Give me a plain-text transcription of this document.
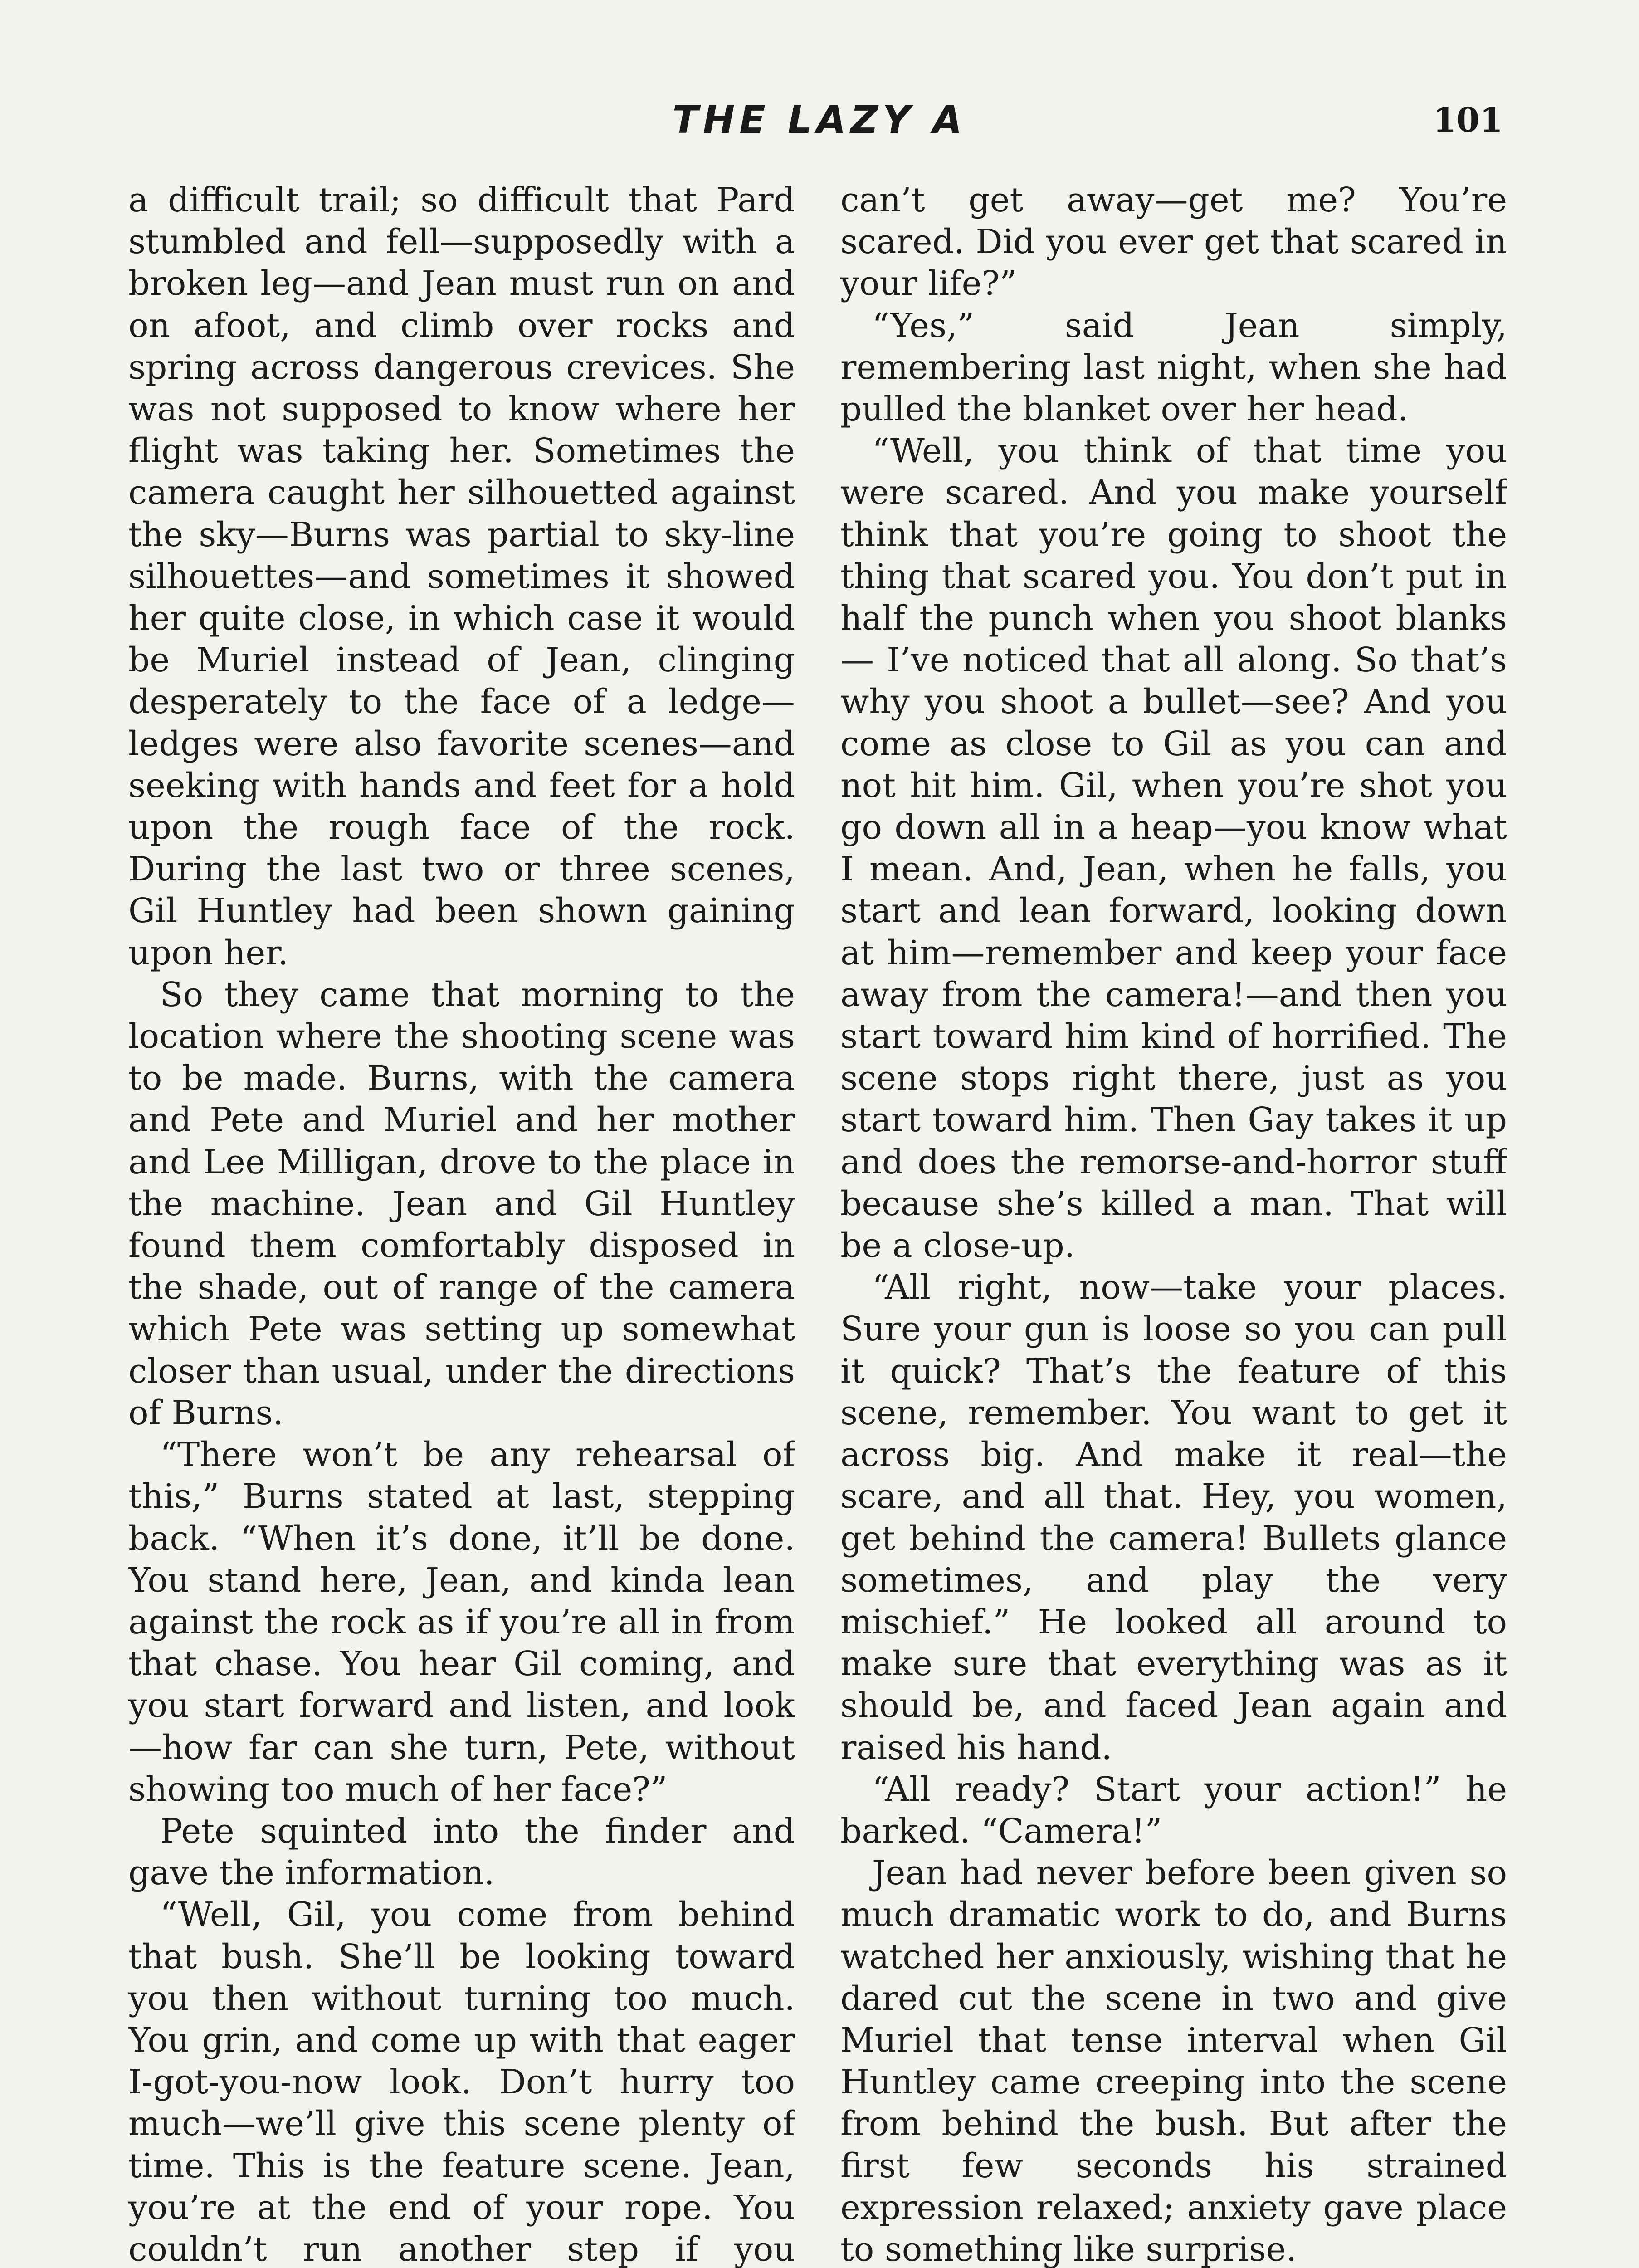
THE LAZY A	101

a difficult trail; so difficult that Pard stumbled and fell—supposedly with a broken leg—and Jean must run on and on afoot, and climb over rocks and spring across dangerous crevices. She was not supposed to know where her flight was taking her. Sometimes the camera caught her silhouetted against the sky—Burns was partial to sky-line silhouettes—and sometimes it showed her quite close, in which case it would be Muriel instead of Jean, clinging desperately to the face of a ledge—ledges were also favorite scenes—and seeking with hands and feet for a hold upon the rough face of the rock. During the last two or three scenes, Gil Huntley had been shown gaining upon her.

So they came that morning to the location where the shooting scene was to be made. Burns, with the camera and Pete and Muriel and her mother and Lee Milligan, drove to the place in the machine. Jean and Gil Huntley found them comfortably disposed in the shade, out of range of the camera which Pete was setting up somewhat closer than usual, under the directions of Burns.

“There won’t be any rehearsal of this,” Burns stated at last, stepping back. “When it’s done, it’ll be done. You stand here, Jean, and kinda lean against the rock as if you’re all in from that chase. You hear Gil coming, and you start forward and listen, and look —how far can she turn, Pete, without showing too much of her face?”

Pete squinted into the finder and gave the information.

“Well, Gil, you come from behind that bush. She’ll be looking toward you then without turning too much. You grin, and come up with that eager I-got-you-now look. Don’t hurry too much—we’ll give this scene plenty of time. This is the feature scene. Jean, you’re at the end of your rope. You couldn’t run another step if you

can’t get away—get me? You’re scared. Did you ever get that scared in your life?”

“Yes,” said Jean simply, remembering last night, when she had pulled the blanket over her head.

“Well, you think of that time you were scared. And you make yourself think that you’re going to shoot the thing that scared you. You don’t put in half the punch when you shoot blanks— I’ve noticed that all along. So that’s why you shoot a bullet—see? And you come as close to Gil as you can and not hit him. Gil, when you’re shot you go down all in a heap—you know what I mean. And, Jean, when he falls, you start and lean forward, looking down at him—remember and keep your face away from the camera!—and then you start toward him kind of horrified. The scene stops right there, just as you start toward him. Then Gay takes it up and does the remorse-and-horror stuff because she’s killed a man. That will be a close-up.

“All right, now—take your places. Sure your gun is loose so you can pull it quick? That’s the feature of this scene, remember. You want to get it across big. And make it real—the scare, and all that. Hey, you women, get behind the camera! Bullets glance sometimes, and play the very mischief.” He looked all around to make sure that everything was as it should be, and faced Jean again and raised his hand.

“All ready? Start your action!” he barked. “Camera!”

Jean had never before been given so much dramatic work to do, and Burns watched her anxiously, wishing that he dared cut the scene in two and give Muriel that tense interval when Gil Huntley came creeping into the scene from behind the bush. But after the first few seconds his strained expression relaxed; anxiety gave place to something like surprise.
